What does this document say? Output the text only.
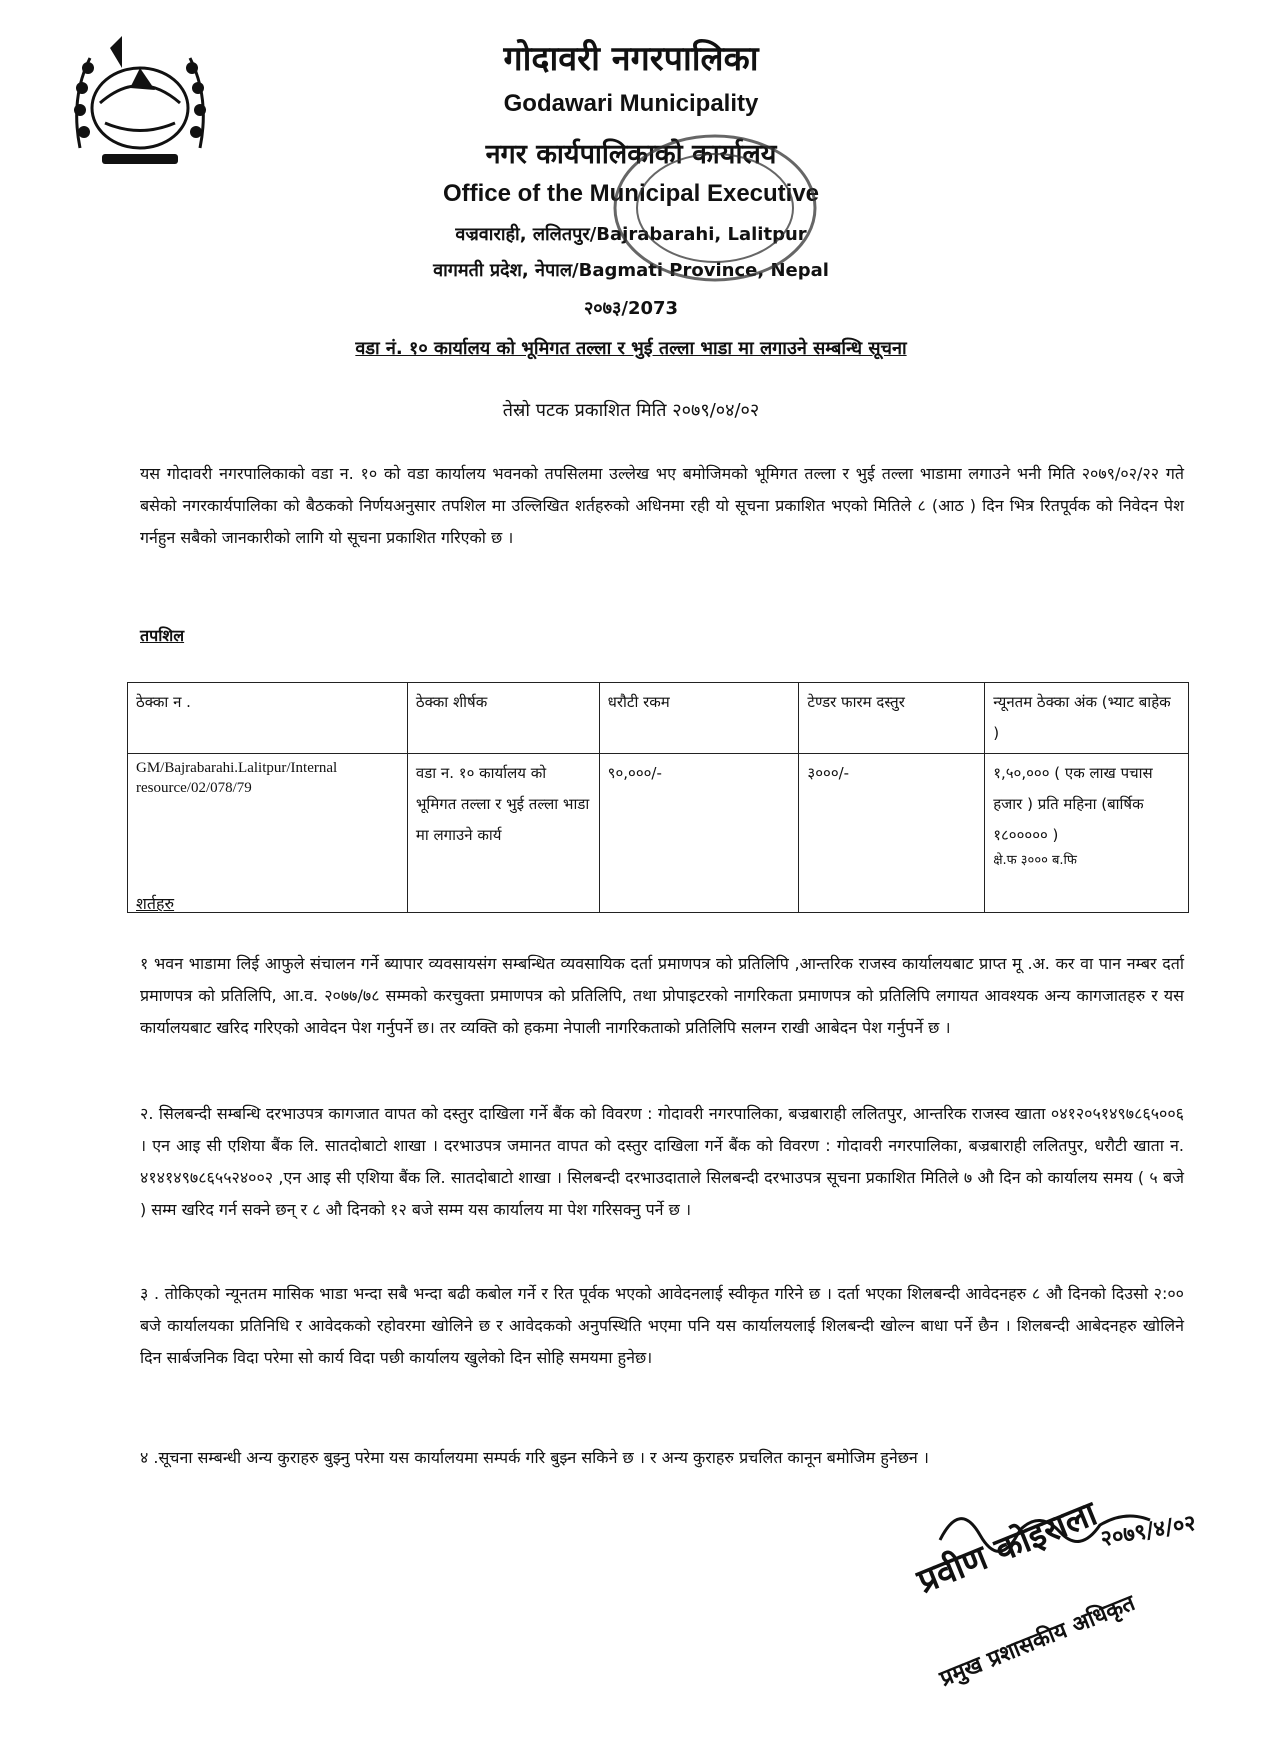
गोदावरी नगरपालिका
Godawari Municipality
नगर कार्यपालिकाको कार्यालय
Office of the Municipal Executive
वज्रवाराही, ललितपुर/Bajrabarahi, Lalitpur
वागमती प्रदेश, नेपाल/Bagmati Province, Nepal
२०७३/2073
वडा नं. १० कार्यालय को भूमिगत तल्ला र भुई तल्ला भाडा मा लगाउने सम्बन्धि सूचना
तेस्रो पटक प्रकाशित मिति २०७९/०४/०२
यस गोदावरी नगरपालिकाको वडा न. १० को वडा कार्यालय भवनको तपसिलमा उल्लेख भए बमोजिमको भूमिगत तल्ला र भुई तल्ला भाडामा लगाउने भनी मिति २०७९/०२/२२ गते बसेको नगरकार्यपालिका को बैठकको निर्णयअनुसार तपशिल मा उल्लिखित शर्तहरुको अधिनमा रही यो सूचना प्रकाशित भएको मितिले ८ (आठ ) दिन भित्र रितपूर्वक को निवेदन पेश गर्नहुन सबैको जानकारीको लागि यो सूचना प्रकाशित गरिएको छ ।
तपशिल
ठेक्का न .	ठेक्का शीर्षक	धरौटी रकम	टेण्डर फारम दस्तुर	न्यूनतम ठेक्का अंक (भ्याट बाहेक )
GM/Bajrabarahi.Lalitpur/Internal resource/02/078/79	वडा न. १० कार्यालय को भूमिगत तल्ला र भुई तल्ला भाडा मा लगाउने कार्य	९०,०००/-	३०००/-	१,५०,००० ( एक लाख पचास हजार ) प्रति महिना (बार्षिक १८००००० )
क्षे.फ ३००० ब.फि
शर्तहरु
१ भवन भाडामा लिई आफुले संचालन गर्ने ब्यापार व्यवसायसंग सम्बन्धित व्यवसायिक दर्ता प्रमाणपत्र को प्रतिलिपि ,आन्तरिक राजस्व कार्यालयबाट प्राप्त मू .अ. कर वा पान नम्बर दर्ता प्रमाणपत्र को प्रतिलिपि, आ.व. २०७७/७८ सम्मको करचुक्ता प्रमाणपत्र को प्रतिलिपि, तथा प्रोपाइटरको नागरिकता प्रमाणपत्र को प्रतिलिपि लगायत आवश्यक अन्य कागजातहरु र यस कार्यालयबाट खरिद गरिएको आवेदन पेश गर्नुपर्ने छ। तर व्यक्ति को हकमा नेपाली नागरिकताको प्रतिलिपि सलग्न राखी आबेदन पेश गर्नुपर्ने छ ।
२. सिलबन्दी सम्बन्धि दरभाउपत्र कागजात वापत को दस्तुर दाखिला गर्ने बैंक को विवरण : गोदावरी नगरपालिका, बज्रबाराही ललितपुर, आन्तरिक राजस्व खाता ०४१२०५१४९७८६५००६ । एन आइ सी एशिया बैंक लि. सातदोबाटो शाखा । दरभाउपत्र जमानत वापत को दस्तुर दाखिला गर्ने बैंक को विवरण : गोदावरी नगरपालिका, बज्रबाराही ललितपुर, धरौटी खाता न. ४१४१४९७८६५५२४००२ ,एन आइ सी एशिया बैंक लि. सातदोबाटो शाखा । सिलबन्दी दरभाउदाताले सिलबन्दी दरभाउपत्र सूचना प्रकाशित मितिले ७ औ दिन को कार्यालय समय ( ५ बजे ) सम्म खरिद गर्न सक्ने छन् र ८ औ दिनको १२ बजे सम्म यस कार्यालय मा पेश गरिसक्नु पर्ने छ ।
३ . तोकिएको न्यूनतम मासिक भाडा भन्दा सबै भन्दा बढी कबोल गर्ने र रित पूर्वक भएको आवेदनलाई स्वीकृत गरिने छ । दर्ता भएका शिलबन्दी आवेदनहरु ८ औ दिनको दिउसो २:०० बजे कार्यालयका प्रतिनिधि र आवेदकको रहोवरमा खोलिने छ र आवेदकको अनुपस्थिति भएमा पनि यस कार्यालयलाई शिलबन्दी खोल्न बाधा पर्ने छैन । शिलबन्दी आबेदनहरु खोलिने दिन सार्बजनिक विदा परेमा सो कार्य विदा पछी कार्यालय खुलेको दिन सोहि समयमा हुनेछ।
४ .सूचना सम्बन्धी अन्य कुराहरु बुझ्नु परेमा यस कार्यालयमा सम्पर्क गरि बुझ्न सकिने छ । र अन्य कुराहरु प्रचलित कानून बमोजिम हुनेछन ।
२०७९/४/०२
प्रवीण कोइराला
प्रमुख प्रशासकीय अधिकृत
